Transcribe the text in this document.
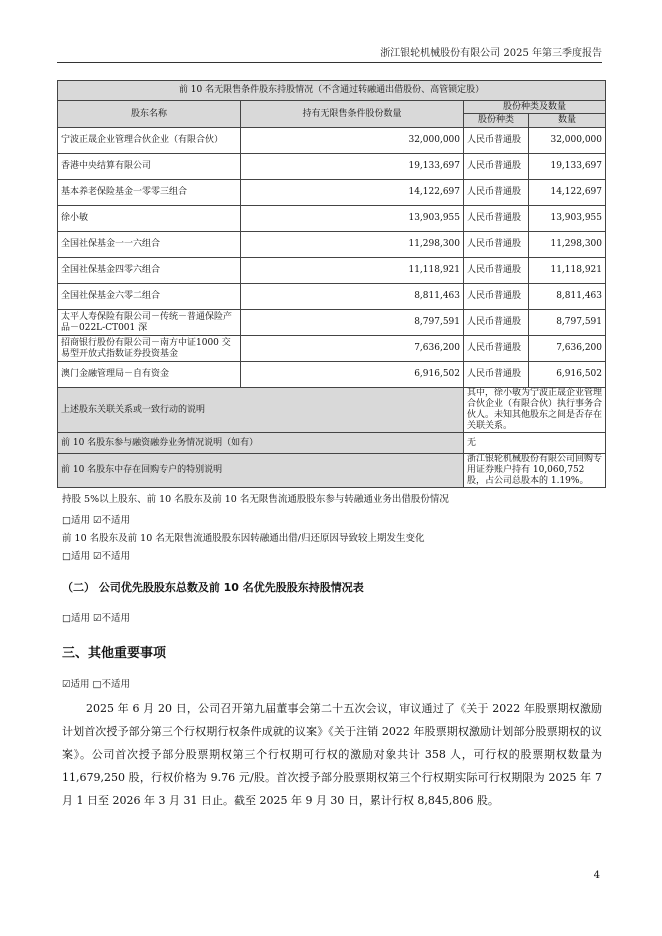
浙江银轮机械股份有限公司 2025 年第三季度报告
前 10 名无限售条件股东持股情况（不含通过转融通出借股份、高管锁定股）			
股东名称	持有无限售条件股份数量	股份种类及数量	
		股份种类	数量
宁波正晟企业管理合伙企业（有限合伙）	32,000,000	人民币普通股	32,000,000
香港中央结算有限公司	19,133,697	人民币普通股	19,133,697
基本养老保险基金一零零三组合	14,122,697	人民币普通股	14,122,697
徐小敏	13,903,955	人民币普通股	13,903,955
全国社保基金一一六组合	11,298,300	人民币普通股	11,298,300
全国社保基金四零六组合	11,118,921	人民币普通股	11,118,921
全国社保基金六零二组合	8,811,463	人民币普通股	8,811,463
太平人寿保险有限公司－传统－普通保险产品－022L-CT001 深	8,797,591	人民币普通股	8,797,591
招商银行股份有限公司－南方中证1000 交易型开放式指数证券投资基金	7,636,200	人民币普通股	7,636,200
澳门金融管理局－自有资金	6,916,502	人民币普通股	6,916,502
上述股东关联关系或一致行动的说明		其中，徐小敏为宁波正晟企业管理合伙企业（有限合伙）执行事务合伙人。未知其他股东之间是否存在关联关系。	
前 10 名股东参与融资融券业务情况说明（如有）		无	
前 10 名股东中存在回购专户的特别说明		浙江银轮机械股份有限公司回购专用证券账户持有 10,060,752 股，占公司总股本的 1.19%。	
持股 5%以上股东、前 10 名股东及前 10 名无限售流通股股东参与转融通业务出借股份情况
□适用 ☑不适用
前 10 名股东及前 10 名无限售流通股股东因转融通出借/归还原因导致较上期发生变化
□适用 ☑不适用
（二） 公司优先股股东总数及前 10 名优先股股东持股情况表
□适用 ☑不适用
三、其他重要事项
☑适用 □不适用
2025 年 6 月 20 日，公司召开第九届董事会第二十五次会议，审议通过了《关于 2022 年股票期权激励计划首次授予部分第三个行权期行权条件成就的议案》《关于注销 2022 年股票期权激励计划部分股票期权的议案》。公司首次授予部分股票期权第三个行权期可行权的激励对象共计 358 人，可行权的股票期权数量为 11,679,250 股，行权价格为 9.76 元/股。首次授予部分股票期权第三个行权期实际可行权期限为 2025 年 7 月 1 日至 2026 年 3 月 31 日止。截至 2025 年 9 月 30 日，累计行权 8,845,806 股。
4
